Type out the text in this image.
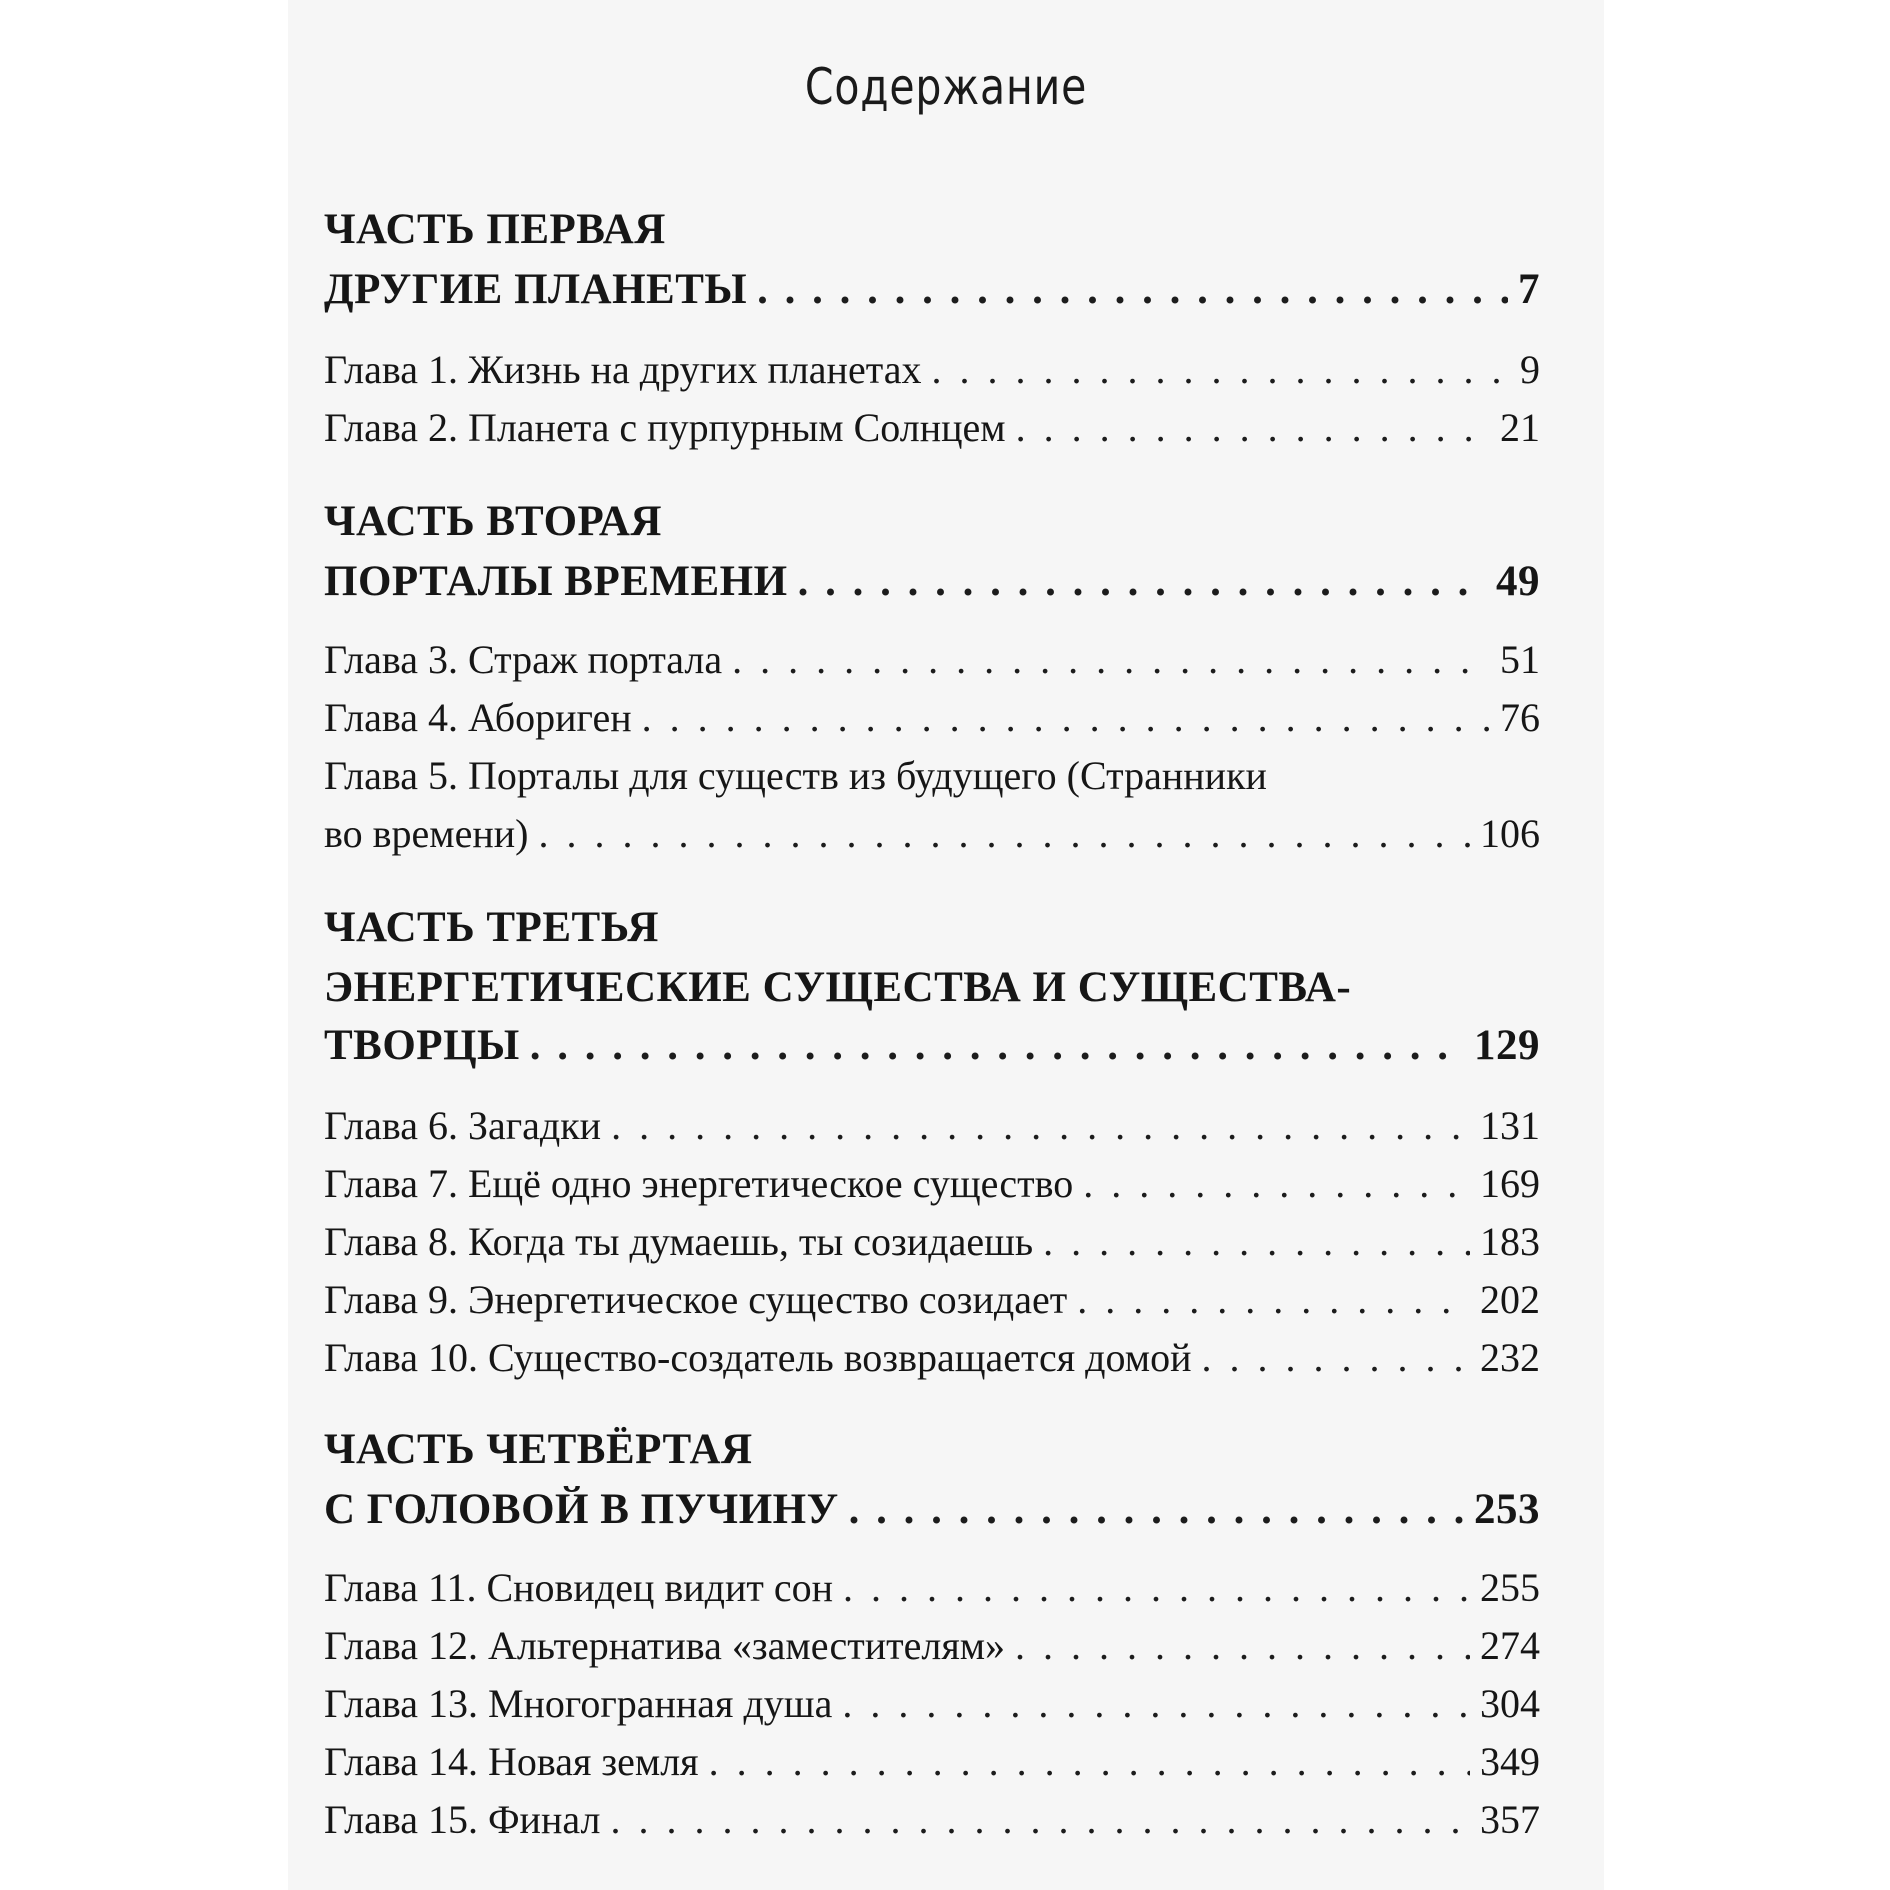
Содержание
ЧАСТЬ ПЕРВАЯ
ДРУГИЕ ПЛАНЕТЫ . . .	7
Глава 1. Жизнь на других планетах . . .	9
Глава 2. Планета с пурпурным Солнцем . . .	21
ЧАСТЬ ВТОРАЯ
ПОРТАЛЫ ВРЕМЕНИ . . .	49
Глава 3. Страж портала . . .	51
Глава 4. Абориген . . .	76
Глава 5. Порталы для существ из будущего (Странники
во времени) . . .	106
ЧАСТЬ ТРЕТЬЯ
ЭНЕРГЕТИЧЕСКИЕ СУЩЕСТВА И СУЩЕСТВА-
ТВОРЦЫ . . .	129
Глава 6. Загадки . . .	131
Глава 7. Ещё одно энергетическое существо . . .	169
Глава 8. Когда ты думаешь, ты созидаешь . . .	183
Глава 9. Энергетическое существо созидает . . .	202
Глава 10. Существо-создатель возвращается домой . . .	232
ЧАСТЬ ЧЕТВЁРТАЯ
С ГОЛОВОЙ В ПУЧИНУ . . .	253
Глава 11. Сновидец видит сон . . .	255
Глава 12. Альтернатива «заместителям» . . .	274
Глава 13. Многогранная душа . . .	304
Глава 14. Новая земля . . .	349
Глава 15. Финал . . .	357
